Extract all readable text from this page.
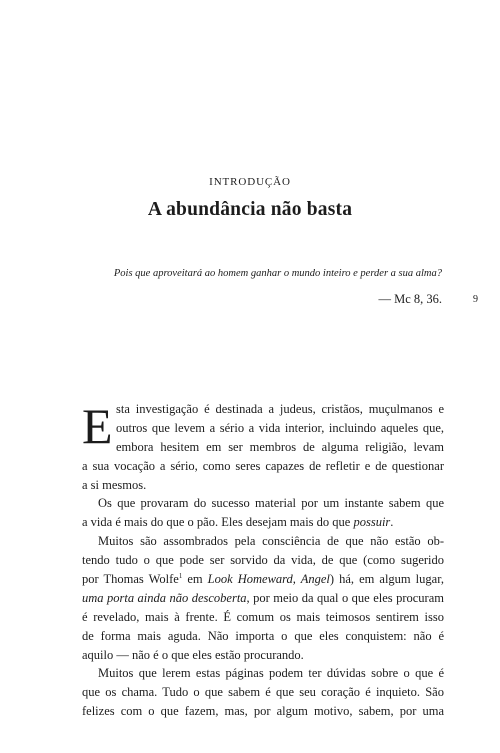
INTRODUÇÃO
A abundância não basta

Pois que aproveitará ao homem ganhar o mundo inteiro e perder a sua alma?

— Mc 8, 36.	9
E sta investigação é destinada a judeus, cristãos, muçulmanos e
outros que levem a sério a vida interior, incluindo aqueles que,
embora hesitem em ser membros de alguma religião, levam
a sua vocação a sério, como seres capazes de refletir e de questionar
a si mesmos.
Os que provaram do sucesso material por um instante sabem que
a vida é mais do que o pão. Eles desejam mais do que possuir.
Muitos são assombrados pela consciência de que não estão ob-
tendo tudo o que pode ser sorvido da vida, de que (como sugerido
por Thomas Wolfe$^1$ em Look Homeward, Angel) há, em algum lugar,
uma porta ainda não descoberta, por meio da qual o que eles procuram
é revelado, mais à frente. É comum os mais teimosos sentirem isso
de forma mais aguda. Não importa o que eles conquistem: não é
aquilo — não é o que eles estão procurando.
Muitos que lerem estas páginas podem ter dúvidas sobre o que é
que os chama. Tudo o que sabem é que seu coração é inquieto. São
felizes com o que fazem, mas, por algum motivo, sabem, por uma
